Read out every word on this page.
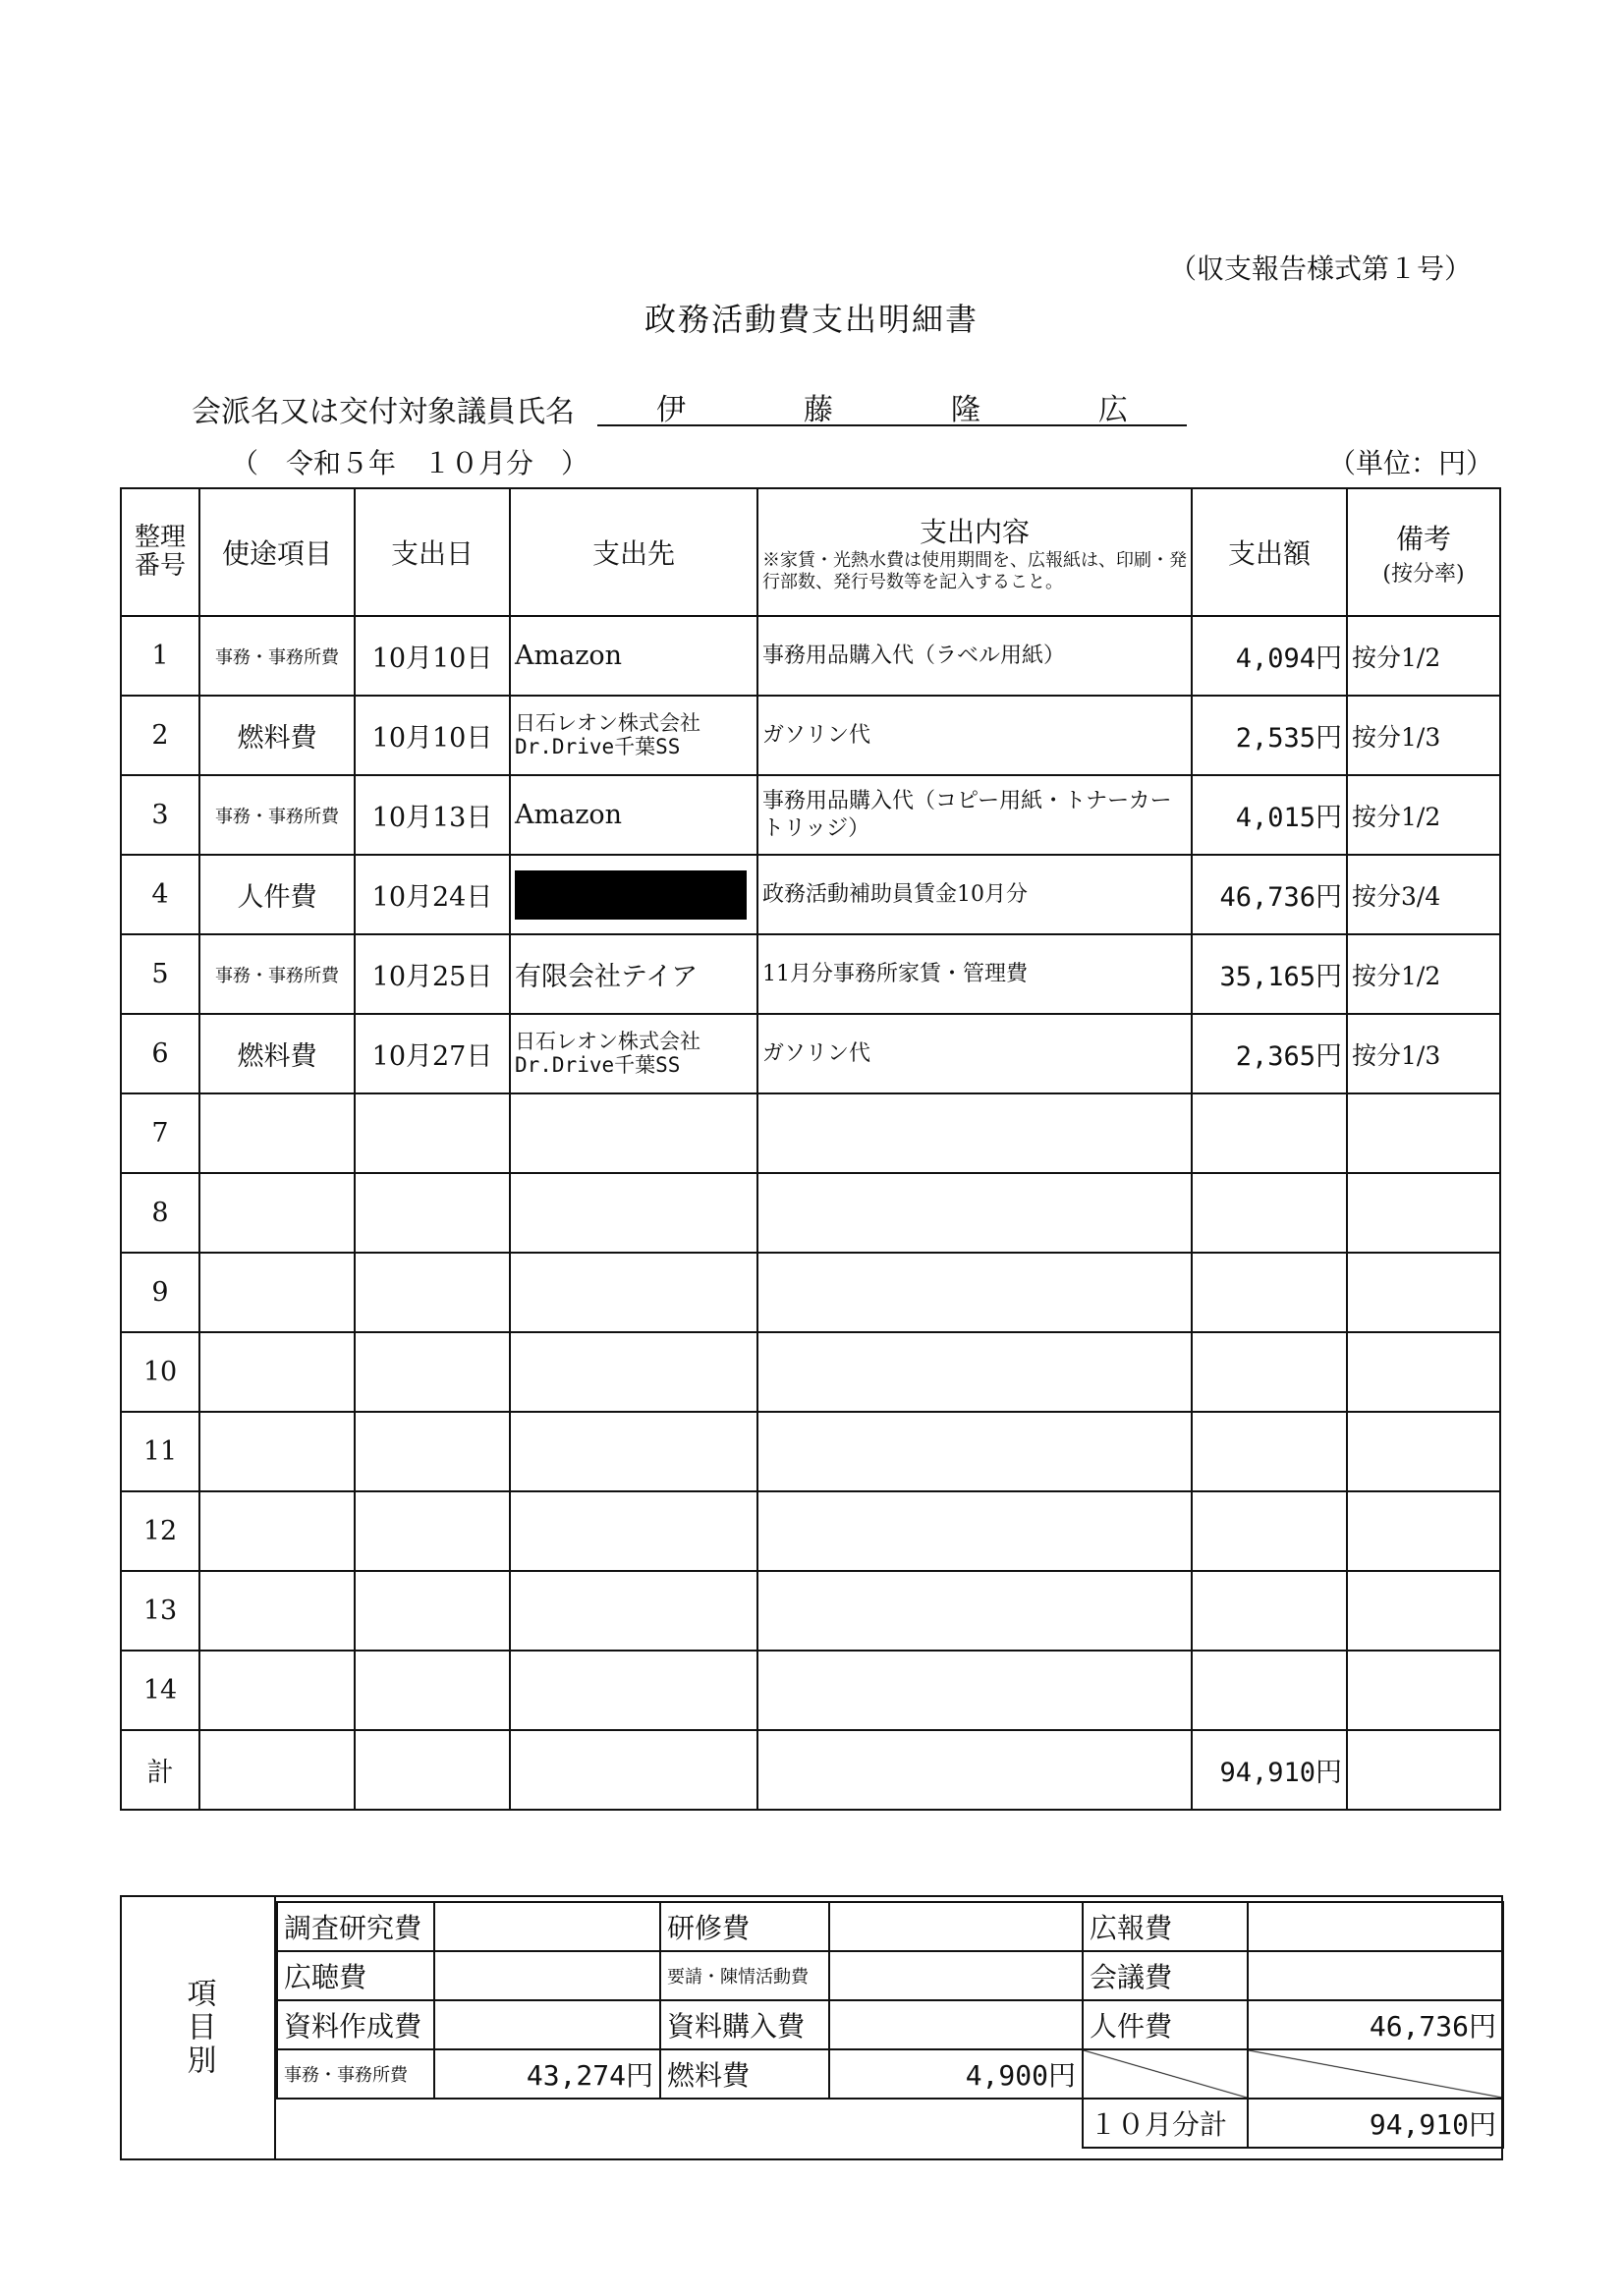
（収支報告様式第１号）
政務活動費支出明細書
会派名又は交付対象議員氏名	伊	藤	隆	広
（　令和５年　１０月分　）	（単位：円）
整理番号	使途項目	支出日	支出先	支出内容
※家賃・光熱水費は使用期間を、広報紙は、印刷・発行部数、発行号数等を記入すること。	支出額	備考
(按分率)

1	事務・事務所費	10月10日	Amazon	事務用品購入代（ラベル用紙）	4,094円	按分1/2
2	燃料費	10月10日	日石レオン株式会社
Dr.Drive千葉SS	ガソリン代	2,535円	按分1/3
3	事務・事務所費	10月13日	Amazon	事務用品購入代（コピー用紙・トナーカートリッジ）	4,015円	按分1/2
4	人件費	10月24日		政務活動補助員賃金10月分	46,736円	按分3/4
5	事務・事務所費	10月25日	有限会社テイア	11月分事務所家賃・管理費	35,165円	按分1/2
6	燃料費	10月27日	日石レオン株式会社
Dr.Drive千葉SS	ガソリン代	2,365円	按分1/3
7						
8						
9						
10						
11						
12						
13						
14						
計					94,910円	
項目別
調査研究費		研修費		広報費	
広聴費		要請・陳情活動費		会議費	
資料作成費		資料購入費		人件費	46,736円
事務・事務所費	43,274円	燃料費	4,900円		
				１０月分計	94,910円
